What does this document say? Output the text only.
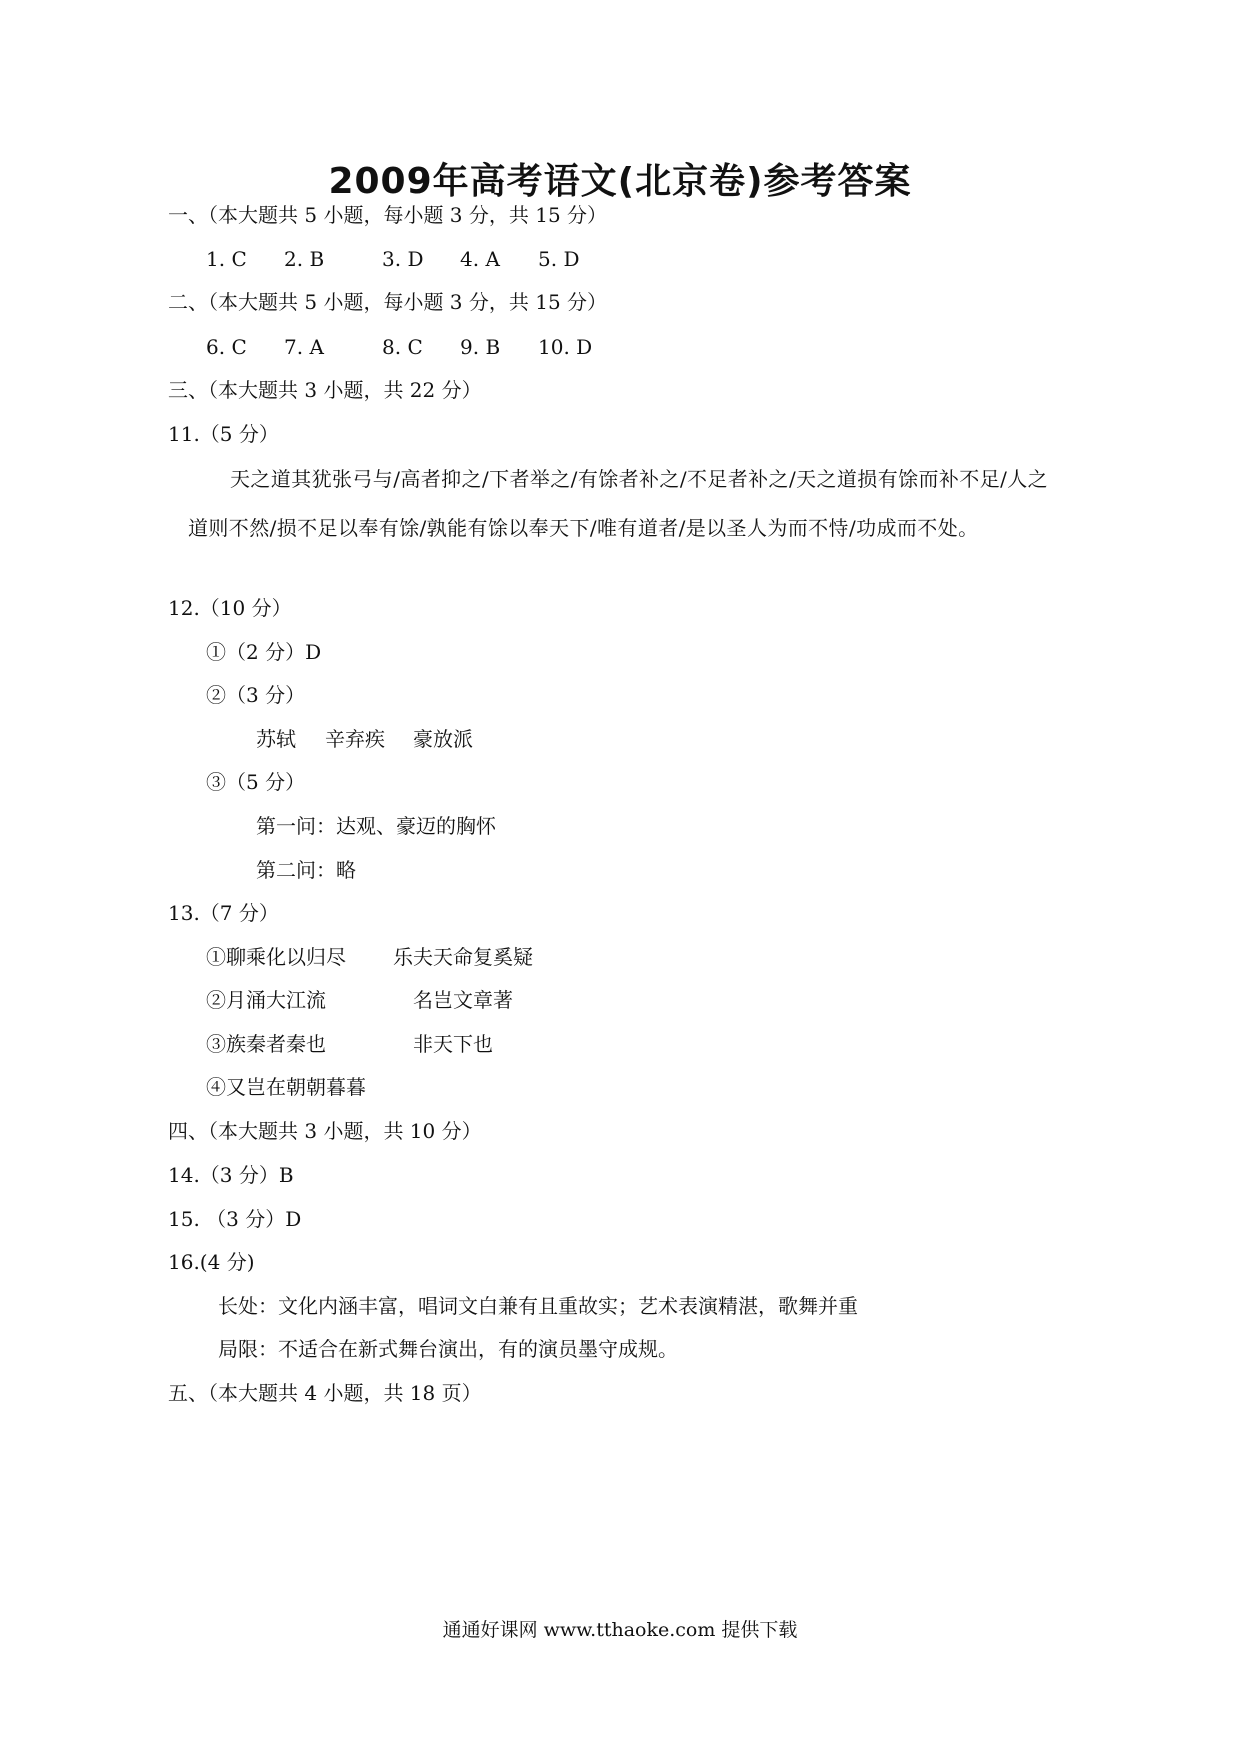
2009年高考语文(北京卷)参考答案
一、（本大题共 5 小题，每小题 3 分，共 15 分）
1. C 2. B	3. D 4. A 5. D
二、（本大题共 5 小题，每小题 3 分，共 15 分）
6. C 7. A	8. C 9. B 10. D
三、（本大题共 3 小题，共 22 分）
11.（5 分）
天之道其犹张弓与/高者抑之/下者举之/有馀者补之/不足者补之/天之道损有馀而补不足/人之道则不然/损不足以奉有馀/孰能有馀以奉天下/唯有道者/是以圣人为而不恃/功成而不处。
12.（10 分）
①（2 分）D
②（3 分）
苏轼 辛弃疾 豪放派
③（5 分）
第一问：达观、豪迈的胸怀
第二问：略
13.（7 分）
①聊乘化以归尽 乐夫天命复奚疑
②月涌大江流	名岂文章著
③族秦者秦也	非天下也
④又岂在朝朝暮暮
四、（本大题共 3 小题，共 10 分）
14.（3 分）B
15. （3 分）D
16.(4 分)
长处：文化内涵丰富，唱词文白兼有且重故实；艺术表演精湛，歌舞并重
局限：不适合在新式舞台演出，有的演员墨守成规。
五、（本大题共 4 小题，共 18 页）
通通好课网 www.tthaoke.com 提供下载
